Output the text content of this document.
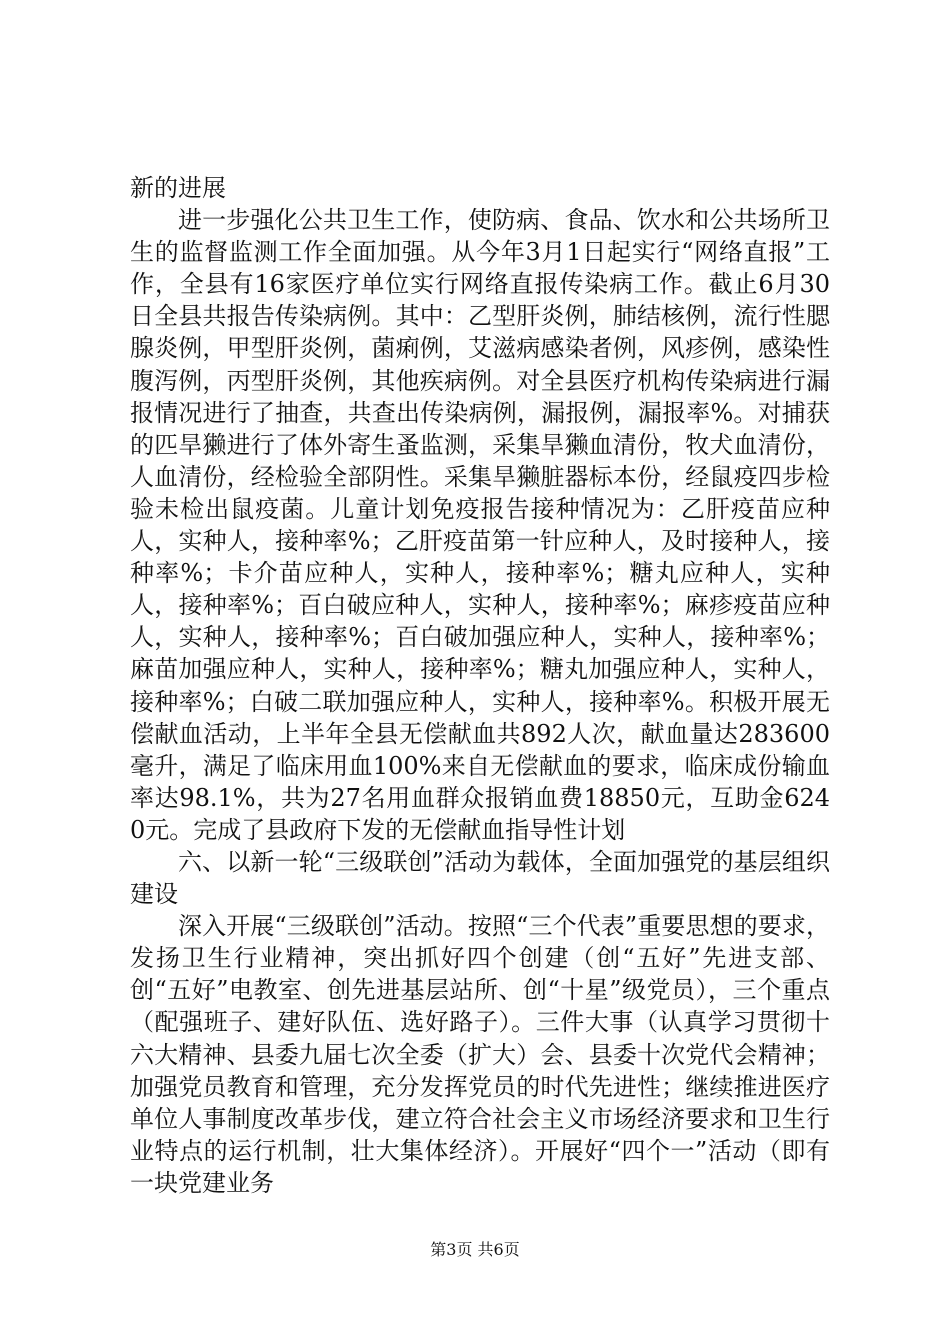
新的进展

进一步强化公共卫生工作，使防病、食品、饮水和公共场所卫生的监督监测工作全面加强。从今年3月1日起实行“网络直报”工作，全县有16家医疗单位实行网络直报传染病工作。截止6月30日全县共报告传染病例。其中：乙型肝炎例，肺结核例，流行性腮腺炎例，甲型肝炎例，菌痢例，艾滋病感染者例，风疹例，感染性腹泻例，丙型肝炎例，其他疾病例。对全县医疗机构传染病进行漏报情况进行了抽查，共查出传染病例，漏报例，漏报率%。对捕获的匹旱獭进行了体外寄生蚤监测，采集旱獭血清份，牧犬血清份，人血清份，经检验全部阴性。采集旱獭脏器标本份，经鼠疫四步检验未检出鼠疫菌。儿童计划免疫报告接种情况为：乙肝疫苗应种人，实种人，接种率%；乙肝疫苗第一针应种人，及时接种人，接种率%；卡介苗应种人，实种人，接种率%；糖丸应种人，实种人，接种率%；百白破应种人，实种人，接种率%；麻疹疫苗应种人，实种人，接种率%；百白破加强应种人，实种人，接种率%；麻苗加强应种人，实种人，接种率%；糖丸加强应种人，实种人，接种率%；白破二联加强应种人，实种人，接种率%。积极开展无偿献血活动，上半年全县无偿献血共892人次，献血量达283600毫升，满足了临床用血100%来自无偿献血的要求，临床成份输血率达98.1%，共为27名用血群众报销血费18850元，互助金6240元。完成了县政府下发的无偿献血指导性计划

六、以新一轮“三级联创”活动为载体，全面加强党的基层组织建设

深入开展“三级联创”活动。按照“三个代表”重要思想的要求，发扬卫生行业精神，突出抓好四个创建（创“五好”先进支部、创“五好”电教室、创先进基层站所、创“十星”级党员），三个重点（配强班子、建好队伍、选好路子）。三件大事（认真学习贯彻十六大精神、县委九届七次全委（扩大）会、县委十次党代会精神；加强党员教育和管理，充分发挥党员的时代先进性；继续推进医疗单位人事制度改革步伐，建立符合社会主义市场经济要求和卫生行业特点的运行机制，壮大集体经济）。开展好“四个一”活动（即有一块党建业务

第3页 共6页
